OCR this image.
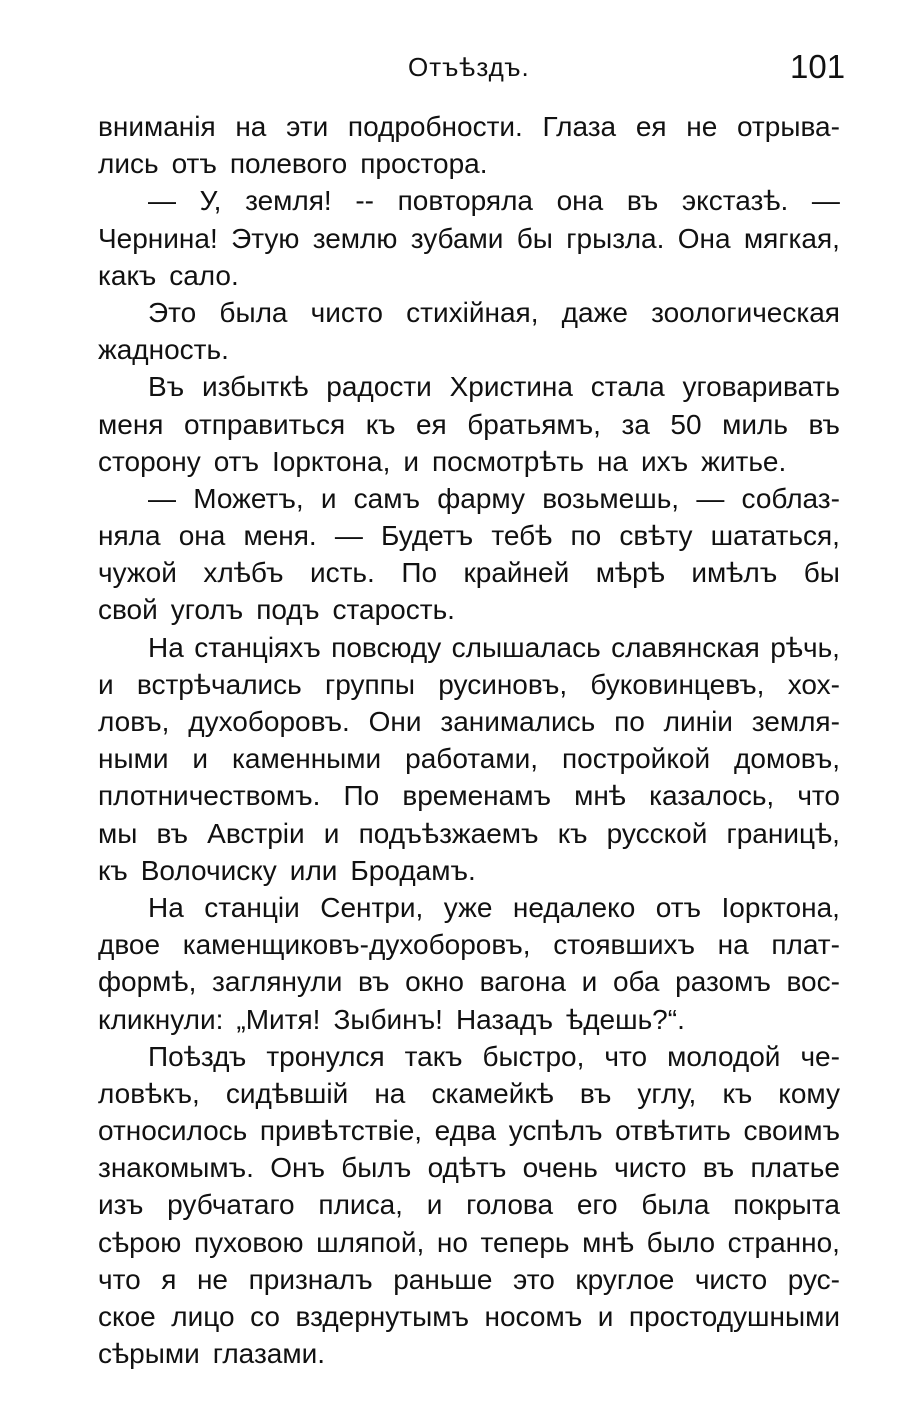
Отъѣздъ.	101
вниманія на эти подробности. Глаза ея не отрыва-
лись отъ полевого простора.
— У, земля! -- повторяла она въ экстазѣ. —
Чернина! Этую землю зубами бы грызла. Она мягкая,
какъ сало.
Это была чисто стихійная, даже зоологическая
жадность.
Въ избыткѣ радости Христина стала уговаривать
меня отправиться къ ея братьямъ, за 50 миль въ
сторону отъ Іорктона, и посмотрѣть на ихъ житье.
— Можетъ, и самъ фарму возьмешь, — соблаз-
няла она меня. — Будетъ тебѣ по свѣту шататься,
чужой хлѣбъ исть. По крайней мѣрѣ имѣлъ бы
свой уголъ подъ старость.
На станціяхъ повсюду слышалась славянская рѣчь,
и встрѣчались группы русиновъ, буковинцевъ, хох-
ловъ, духоборовъ. Они занимались по линіи земля-
ными и каменными работами, постройкой домовъ,
плотничествомъ. По временамъ мнѣ казалось, что
мы въ Австріи и подъѣзжаемъ къ русской границѣ,
къ Волочиску или Бродамъ.
На станціи Сентри, уже недалеко отъ Іорктона,
двое каменщиковъ-духоборовъ, стоявшихъ на плат-
формѣ, заглянули въ окно вагона и оба разомъ вос-
кликнули: „Митя! Зыбинъ! Назадъ ѣдешь?“.
Поѣздъ тронулся такъ быстро, что молодой че-
ловѣкъ, сидѣвшій на скамейкѣ въ углу, къ кому
относилось привѣтствіе, едва успѣлъ отвѣтить своимъ
знакомымъ. Онъ былъ одѣтъ очень чисто въ платье
изъ рубчатаго плиса, и голова его была покрыта
сѣрою пуховою шляпой, но теперь мнѣ было странно,
что я не призналъ раньше это круглое чисто рус-
ское лицо со вздернутымъ носомъ и простодушными
сѣрыми глазами.
